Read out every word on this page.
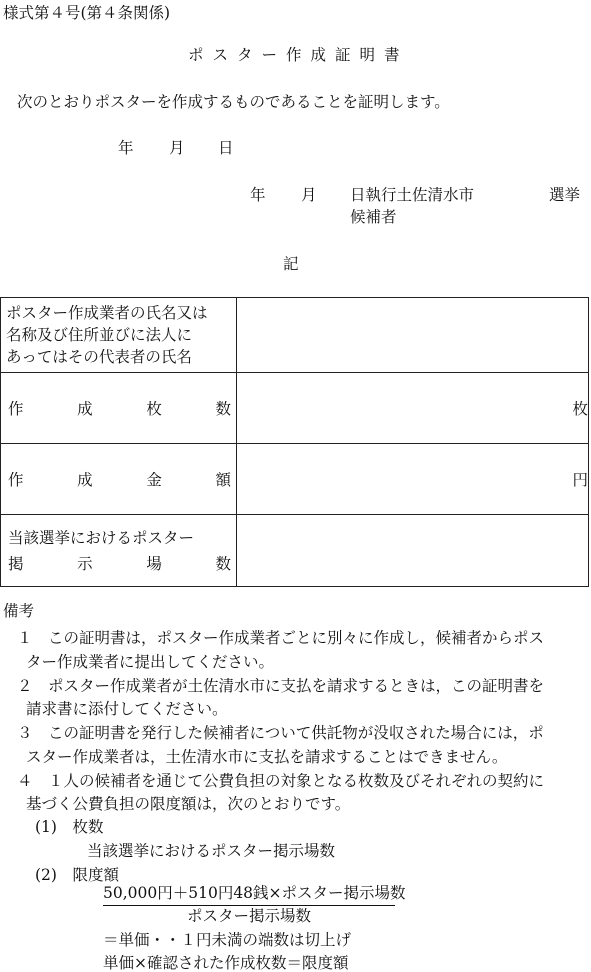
様式第４号(第４条関係)
ポスター作成証明書
次のとおりポスターを作成するものであることを証明します。
年 月 日
年 月 日執行土佐清水市	選挙
候補者
記
ポスター作成業者の氏名又は
名称及び住所並びに法人に
あってはその代表者の氏名	

作 成 枚 数	枚

作 成 金 額	円

当該選挙におけるポスター
掲 示 場 数	

備考
１　この証明書は，ポスター作成業者ごとに別々に作成し，候補者からポス
ター作成業者に提出してください。
２　ポスター作成業者が土佐清水市に支払を請求するときは，この証明書を
請求書に添付してください。
３　この証明書を発行した候補者について供託物が没収された場合には，ポ
スター作成業者は，土佐清水市に支払を請求することはできません。
４　１人の候補者を通じて公費負担の対象となる枚数及びそれぞれの契約に
基づく公費負担の限度額は，次のとおりです。
(1)　枚数
当該選挙におけるポスター掲示場数
(2)　限度額
50,000円＋510円48銭×ポスター掲示場数
ポスター掲示場数
＝単価・・１円未満の端数は切上げ
単価×確認された作成枚数＝限度額
